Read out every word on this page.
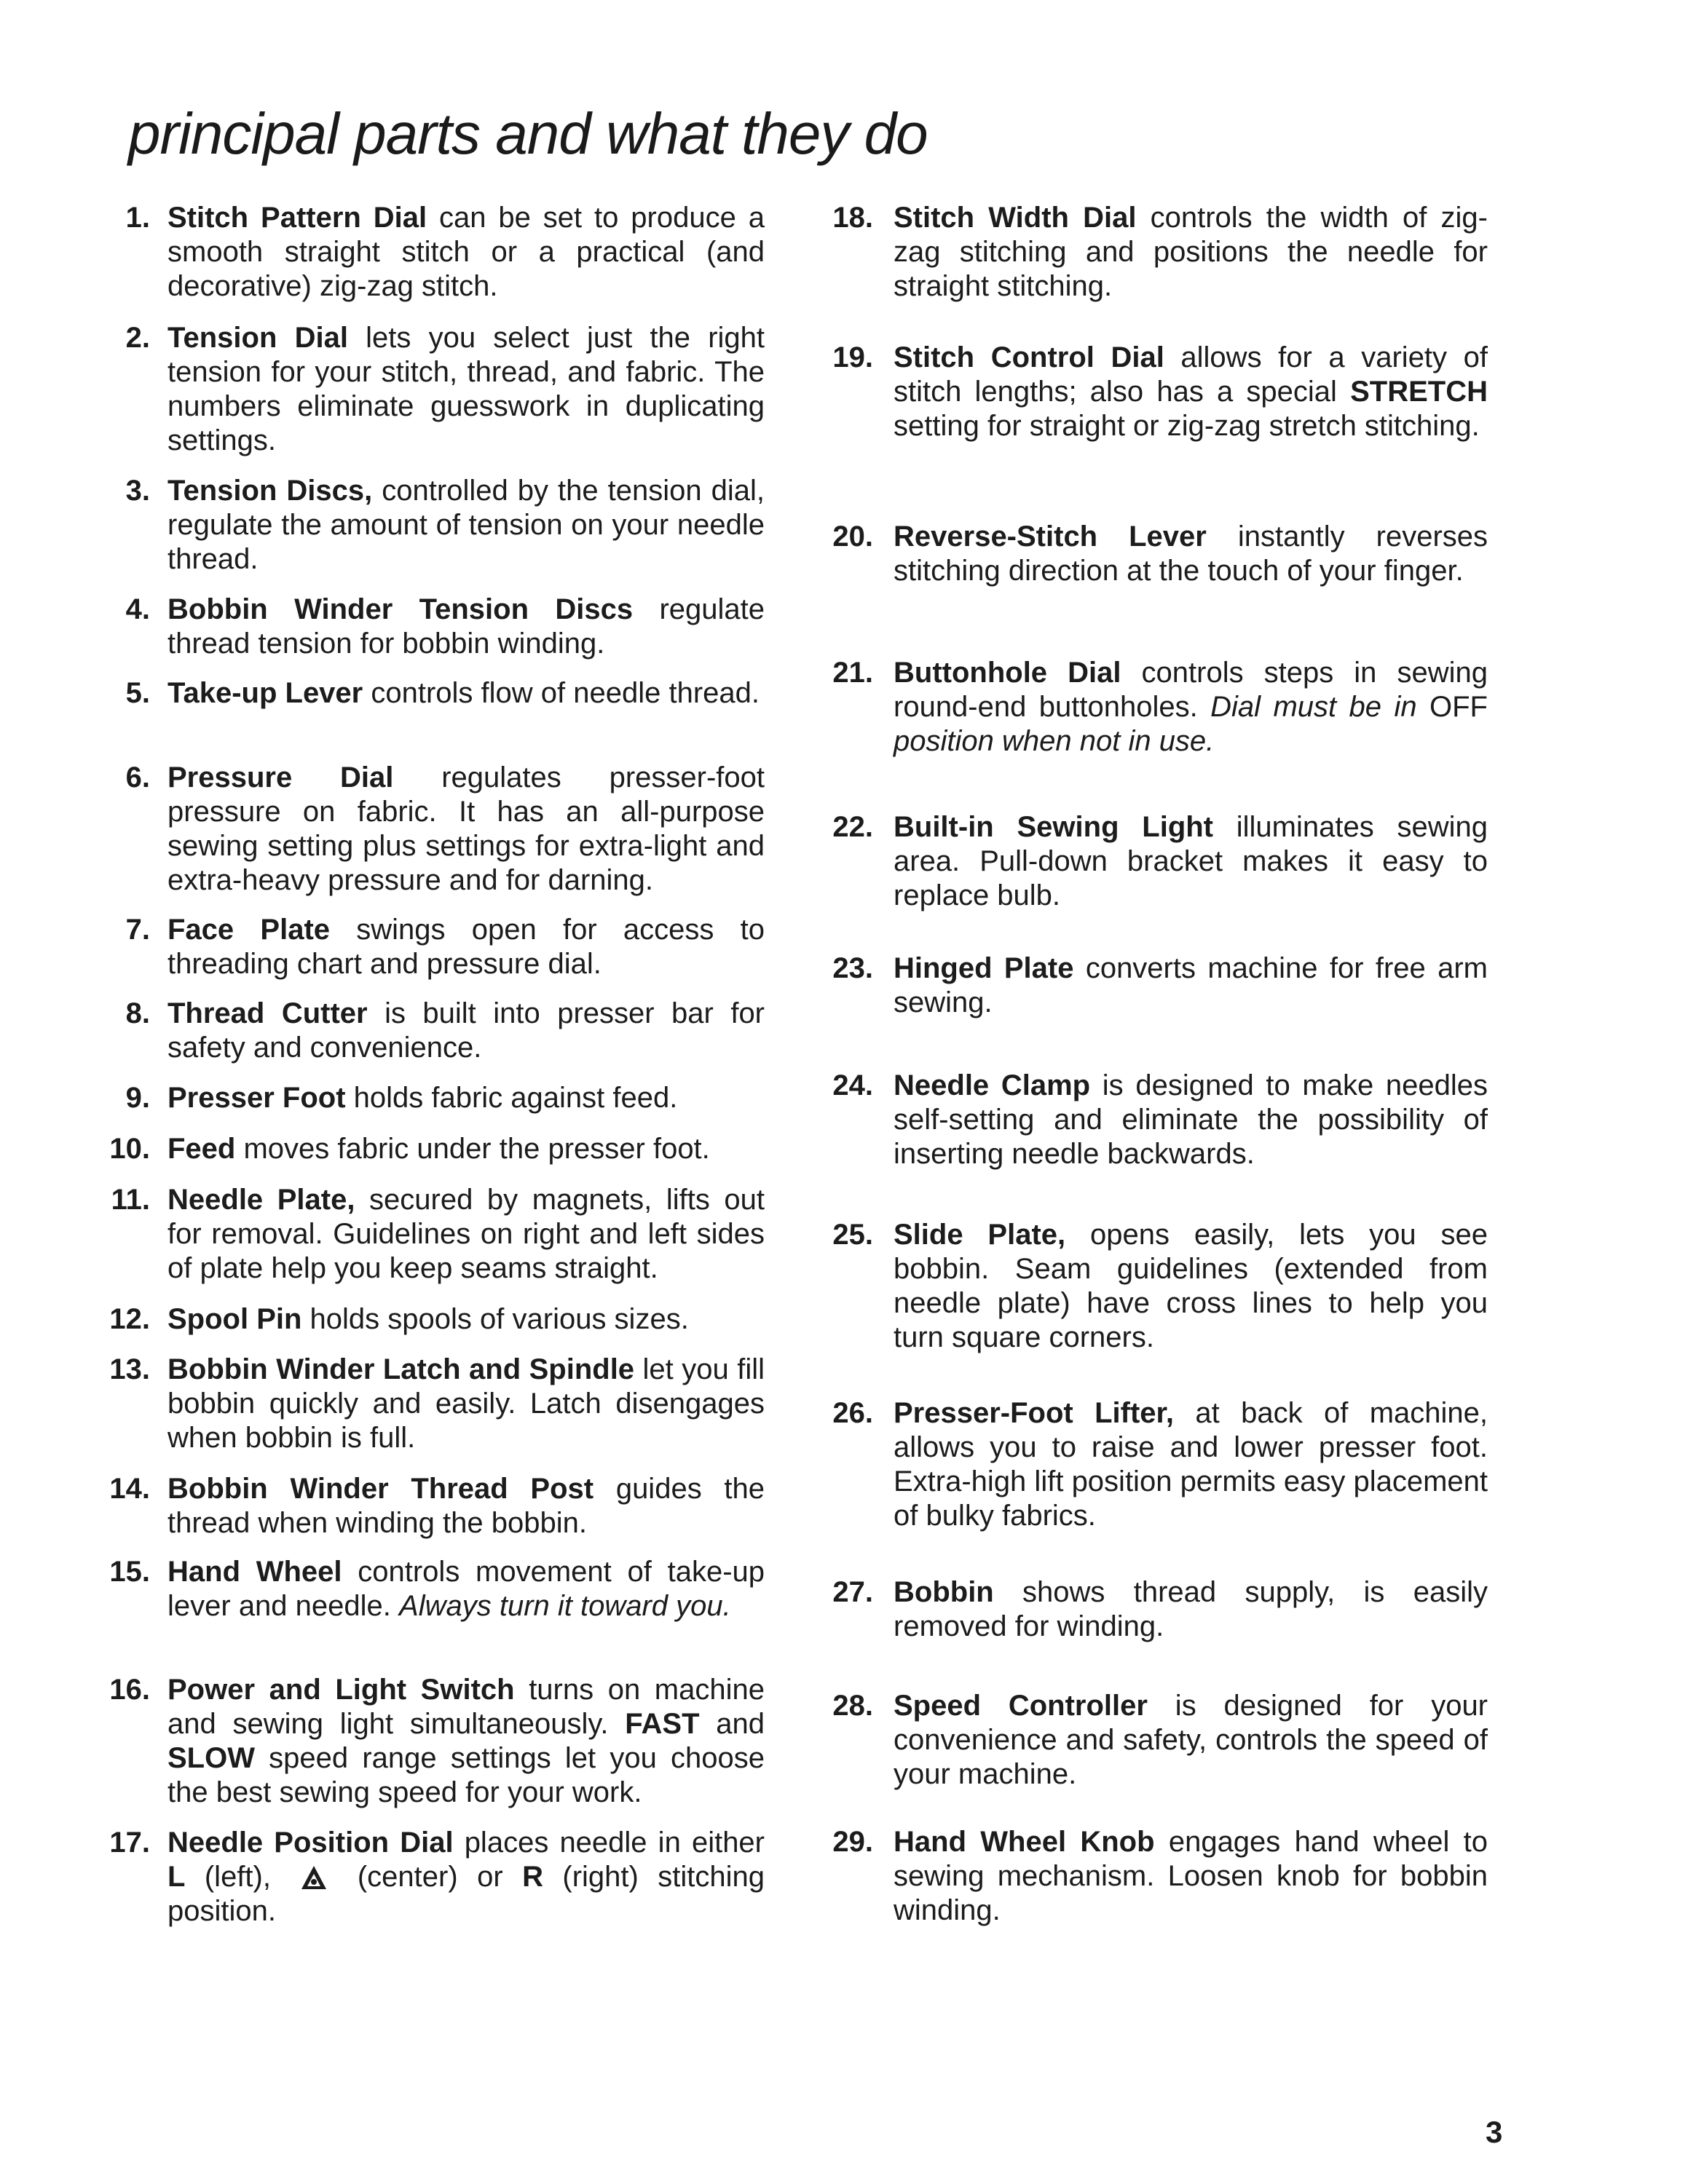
principal parts and what they do
1. Stitch Pattern Dial can be set to produce a smooth straight stitch or a practical (and decorative) zig-zag stitch.
2. Tension Dial lets you select just the right tension for your stitch, thread, and fabric. The numbers eliminate guesswork in duplicating settings.
3. Tension Discs, controlled by the tension dial, regulate the amount of tension on your needle thread.
4. Bobbin Winder Tension Discs regulate thread tension for bobbin winding.
5. Take-up Lever controls flow of needle thread.
6. Pressure Dial regulates presser-foot pressure on fabric. It has an all-purpose sewing setting plus settings for extra-light and extra-heavy pressure and for darning.
7. Face Plate swings open for access to threading chart and pressure dial.
8. Thread Cutter is built into presser bar for safety and convenience.
9. Presser Foot holds fabric against feed.
10. Feed moves fabric under the presser foot.
11. Needle Plate, secured by magnets, lifts out for removal. Guidelines on right and left sides of plate help you keep seams straight.
12. Spool Pin holds spools of various sizes.
13. Bobbin Winder Latch and Spindle let you fill bobbin quickly and easily. Latch disengages when bobbin is full.
14. Bobbin Winder Thread Post guides the thread when winding the bobbin.
15. Hand Wheel controls movement of take-up lever and needle. Always turn it toward you.
16. Power and Light Switch turns on machine and sewing light simultaneously. FAST and SLOW speed range settings let you choose the best sewing speed for your work.
17. Needle Position Dial places needle in either L (left),  (center) or R (right) stitching position.
18. Stitch Width Dial controls the width of zig-zag stitching and positions the needle for straight stitching.
19. Stitch Control Dial allows for a variety of stitch lengths; also has a special STRETCH setting for straight or zig-zag stretch stitching.
20. Reverse-Stitch Lever instantly reverses stitching direction at the touch of your finger.
21. Buttonhole Dial controls steps in sewing round-end buttonholes. Dial must be in OFF position when not in use.
22. Built-in Sewing Light illuminates sewing area. Pull-down bracket makes it easy to replace bulb.
23. Hinged Plate converts machine for free arm sewing.
24. Needle Clamp is designed to make needles self-setting and eliminate the possibility of inserting needle backwards.
25. Slide Plate, opens easily, lets you see bobbin. Seam guidelines (extended from needle plate) have cross lines to help you turn square corners.
26. Presser-Foot Lifter, at back of machine, allows you to raise and lower presser foot. Extra-high lift position permits easy placement of bulky fabrics.
27. Bobbin shows thread supply, is easily removed for winding.
28. Speed Controller is designed for your convenience and safety, controls the speed of your machine.
29. Hand Wheel Knob engages hand wheel to sewing mechanism. Loosen knob for bobbin winding.
3
